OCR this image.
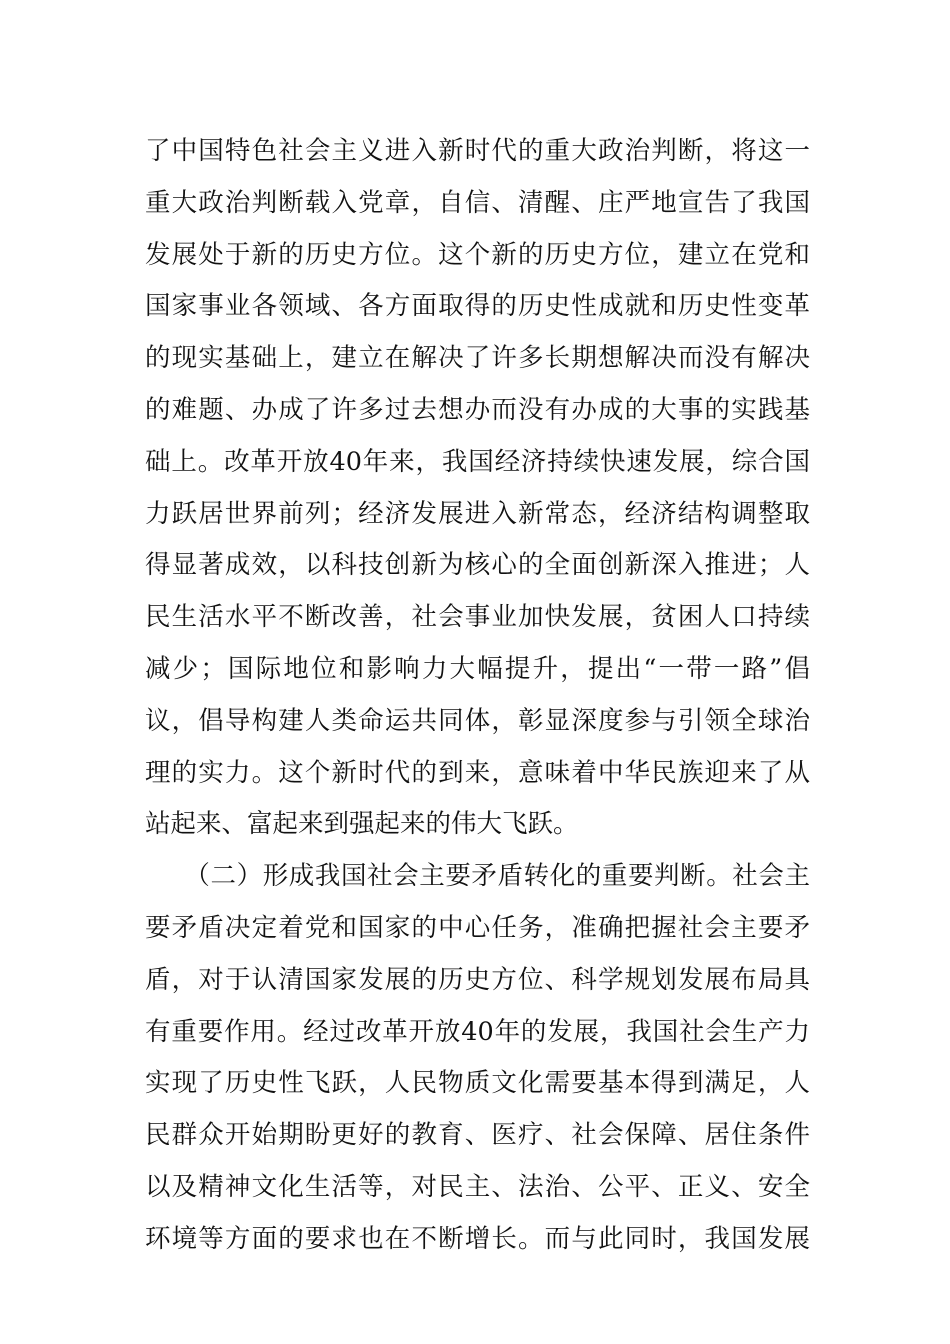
了中国特色社会主义进入新时代的重大政治判断，将这一
重大政治判断载入党章，自信、清醒、庄严地宣告了我国
发展处于新的历史方位。这个新的历史方位，建立在党和
国家事业各领域、各方面取得的历史性成就和历史性变革
的现实基础上，建立在解决了许多长期想解决而没有解决
的难题、办成了许多过去想办而没有办成的大事的实践基
础上。改革开放40年来，我国经济持续快速发展，综合国
力跃居世界前列；经济发展进入新常态，经济结构调整取
得显著成效，以科技创新为核心的全面创新深入推进；人
民生活水平不断改善，社会事业加快发展，贫困人口持续
减少；国际地位和影响力大幅提升，提出“一带一路”倡
议，倡导构建人类命运共同体，彰显深度参与引领全球治
理的实力。这个新时代的到来，意味着中华民族迎来了从
站起来、富起来到强起来的伟大飞跃。
　　（二）形成我国社会主要矛盾转化的重要判断。社会主
要矛盾决定着党和国家的中心任务，准确把握社会主要矛
盾，对于认清国家发展的历史方位、科学规划发展布局具
有重要作用。经过改革开放40年的发展，我国社会生产力
实现了历史性飞跃，人民物质文化需要基本得到满足，人
民群众开始期盼更好的教育、医疗、社会保障、居住条件
以及精神文化生活等，对民主、法治、公平、正义、安全
环境等方面的要求也在不断增长。而与此同时，我国发展
